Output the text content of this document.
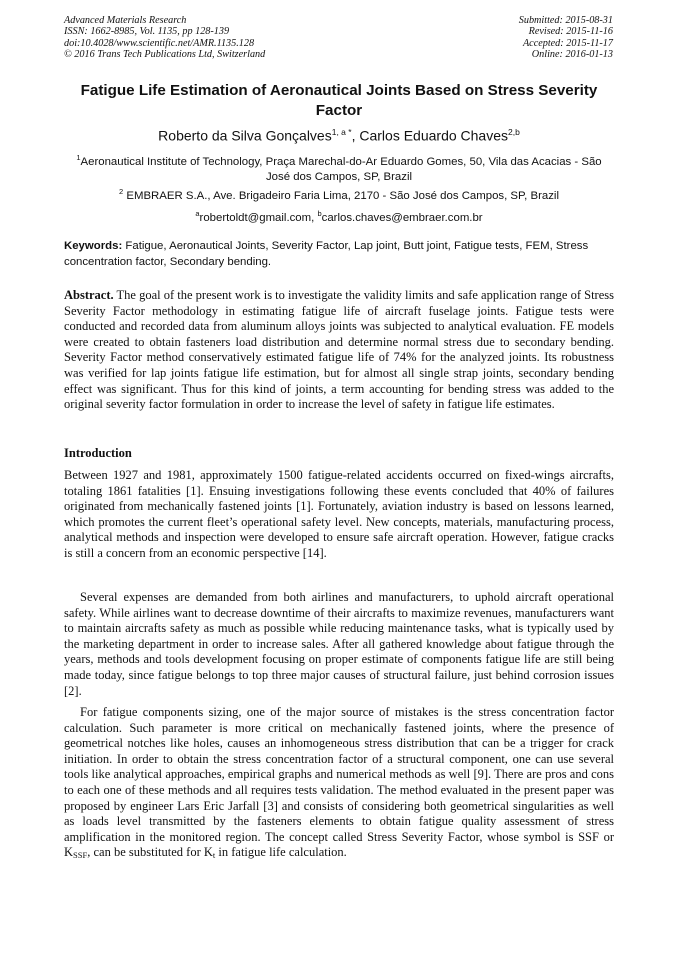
Advanced Materials Research
ISSN: 1662-8985, Vol. 1135, pp 128-139
doi:10.4028/www.scientific.net/AMR.1135.128
© 2016 Trans Tech Publications Ltd, Switzerland
Submitted: 2015-08-31
Revised: 2015-11-16
Accepted: 2015-11-17
Online: 2016-01-13
Fatigue Life Estimation of Aeronautical Joints Based on Stress Severity Factor
Roberto da Silva Gonçalves$^{1, a *}$, Carlos Eduardo Chaves$^{2,b}$
$^1$Aeronautical Institute of Technology, Praça Marechal-do-Ar Eduardo Gomes, 50, Vila das Acacias - São José dos Campos, SP, Brazil
$^2$ EMBRAER S.A., Ave. Brigadeiro Faria Lima, 2170 - São José dos Campos, SP, Brazil
$^a$robertoldt@gmail.com, $^b$carlos.chaves@embraer.com.br
Keywords: Fatigue, Aeronautical Joints, Severity Factor, Lap joint, Butt joint, Fatigue tests, FEM, Stress concentration factor, Secondary bending.
Abstract. The goal of the present work is to investigate the validity limits and safe application range of Stress Severity Factor methodology in estimating fatigue life of aircraft fuselage joints. Fatigue tests were conducted and recorded data from aluminum alloys joints was subjected to analytical evaluation. FE models were created to obtain fasteners load distribution and determine normal stress due to secondary bending. Severity Factor method conservatively estimated fatigue life of 74% for the analyzed joints. Its robustness was verified for lap joints fatigue life estimation, but for almost all single strap joints, secondary bending effect was significant. Thus for this kind of joints, a term accounting for bending stress was added to the original severity factor formulation in order to increase the level of safety in fatigue life estimates.
Introduction
Between 1927 and 1981, approximately 1500 fatigue-related accidents occurred on fixed-wings aircrafts, totaling 1861 fatalities [1]. Ensuing investigations following these events concluded that 40% of failures originated from mechanically fastened joints [1]. Fortunately, aviation industry is based on lessons learned, which promotes the current fleet’s operational safety level. New concepts, materials, manufacturing process, analytical methods and inspection were developed to ensure safe aircraft operation. However, fatigue cracks is still a concern from an economic perspective [14].
Several expenses are demanded from both airlines and manufacturers, to uphold aircraft operational safety. While airlines want to decrease downtime of their aircrafts to maximize revenues, manufacturers want to maintain aircrafts safety as much as possible while reducing maintenance tasks, what is typically used by the marketing department in order to increase sales. After all gathered knowledge about fatigue through the years, methods and tools development focusing on proper estimate of components fatigue life are still being made today, since fatigue belongs to top three major causes of structural failure, just behind corrosion issues [2].
For fatigue components sizing, one of the major source of mistakes is the stress concentration factor calculation. Such parameter is more critical on mechanically fastened joints, where the presence of geometrical notches like holes, causes an inhomogeneous stress distribution that can be a trigger for crack initiation. In order to obtain the stress concentration factor of a structural component, one can use several tools like analytical approaches, empirical graphs and numerical methods as well [9]. There are pros and cons to each one of these methods and all requires tests validation. The method evaluated in the present paper was proposed by engineer Lars Eric Jarfall [3] and consists of considering both geometrical singularities as well as loads level transmitted by the fasteners elements to obtain fatigue quality assessment of stress amplification in the monitored region. The concept called Stress Severity Factor, whose symbol is SSF or $K_{SSF}$, can be substituted for $K_t$ in fatigue life calculation.
